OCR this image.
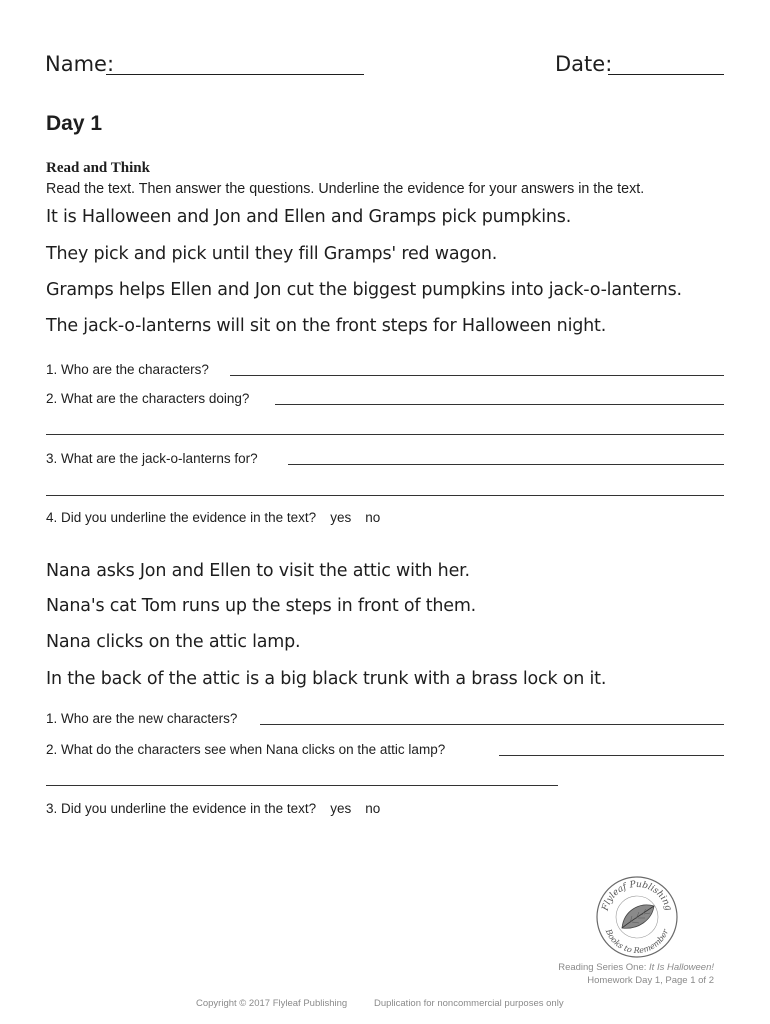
Name:	Date:
Day 1
Read and Think
Read the text. Then answer the questions. Underline the evidence for your answers in the text.
It is Halloween and Jon and Ellen and Gramps pick pumpkins.
They pick and pick until they fill Gramps' red wagon.
Gramps helps Ellen and Jon cut the biggest pumpkins into jack-o-lanterns.
The jack-o-lanterns will sit on the front steps for Halloween night.
1. Who are the characters?
2. What are the characters doing?
3. What are the jack-o-lanterns for?
4. Did you underline the evidence in the text? yes no
Nana asks Jon and Ellen to visit the attic with her.
Nana's cat Tom runs up the steps in front of them.
Nana clicks on the attic lamp.
In the back of the attic is a big black trunk with a brass lock on it.
1. Who are the new characters?
2. What do the characters see when Nana clicks on the attic lamp?
3. Did you underline the evidence in the text? yes no
Flyleaf Publishing
Books to Remember
Reading Series One: It Is Halloween!
Homework Day 1, Page 1 of 2
Copyright © 2017 Flyleaf Publishing	Duplication for noncommercial purposes only
